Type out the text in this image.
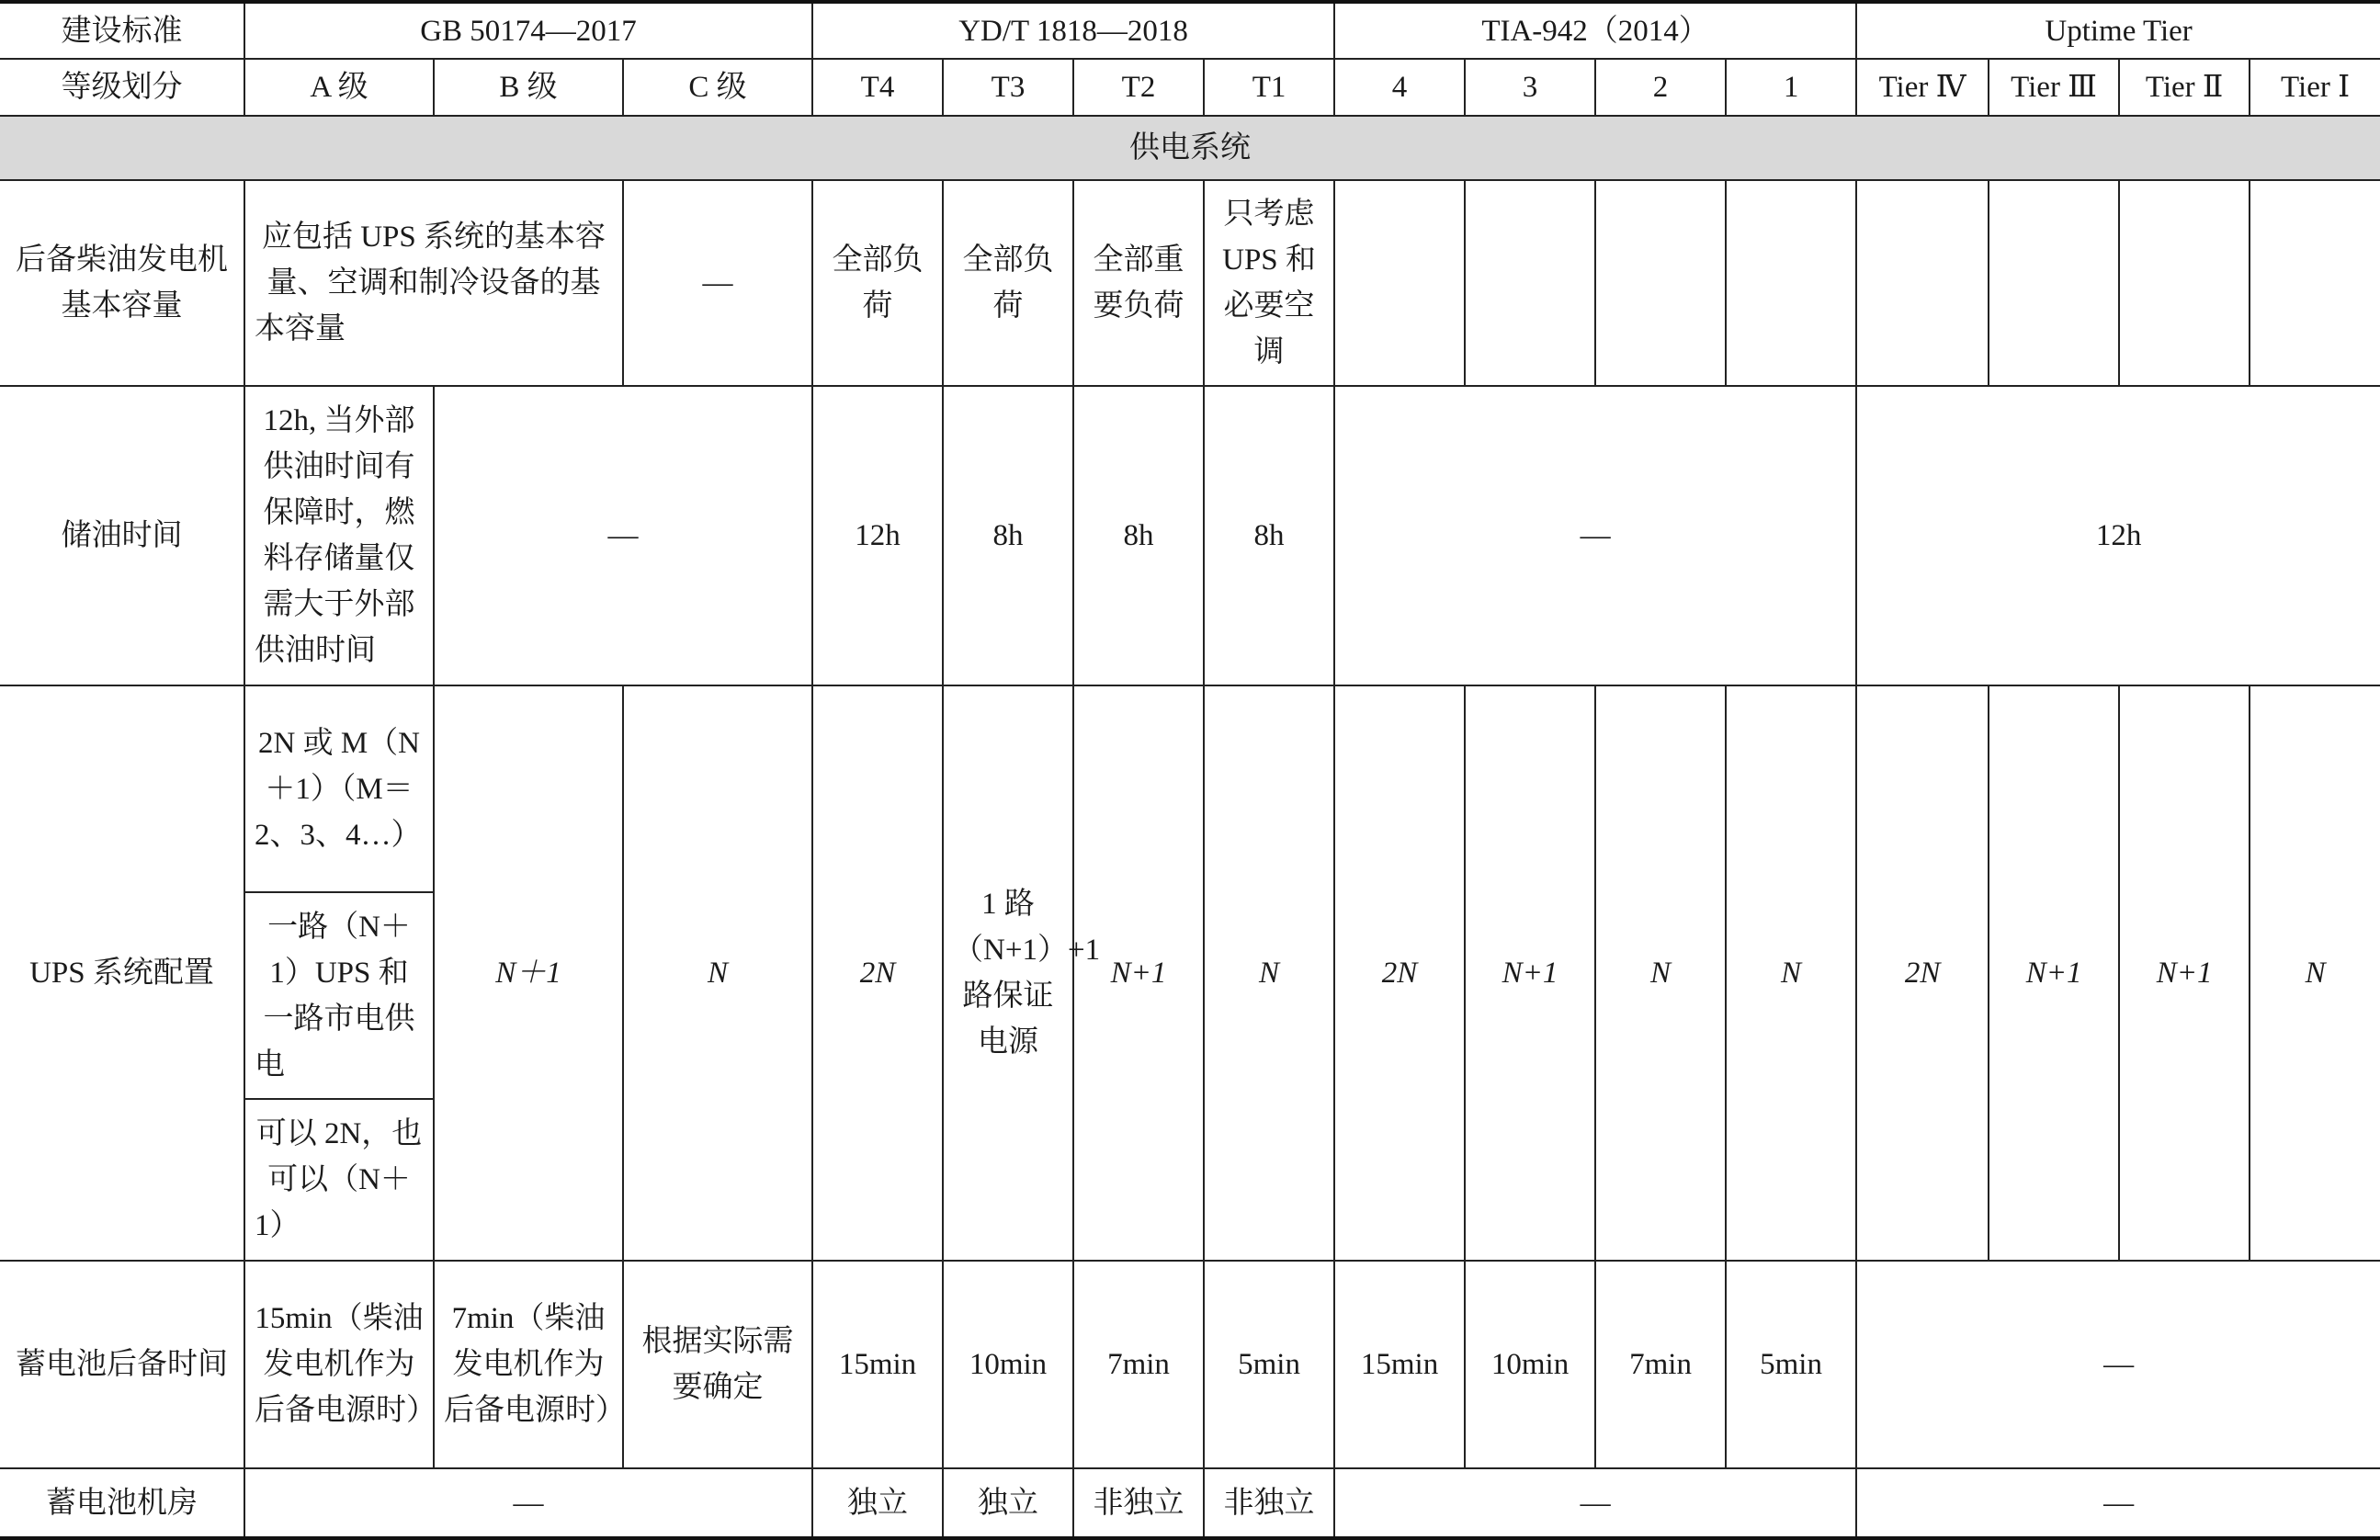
建设标准	GB 50174—2017			YD/T 1818—2018				TIA-942（2014）				Uptime Tier			
等级划分	A 级	B 级	C 级	T4	T3	T2	T1	4	3	2	1	Tier Ⅳ	Tier Ⅲ	Tier Ⅱ	Tier Ⅰ
供电系统															
后备柴油发电机基本容量	应包括 UPS 系统的基本容量、空调和制冷设备的基本容量		—	全部负荷	全部负荷	全部重要负荷	只考虑 UPS 和必要空调								
储油时间	12h, 当外部供油时间有保障时，燃料存储量仅需大于外部供油时间	—		12h	8h	8h	8h	—				12h			
UPS 系统配置	2N 或 M（N＋1）（M＝2、3、4…）	N＋1	N	2N	1 路（N+1）+1 路保证电源	N+1	N	2N	N+1	N	N	2N	N+1	N+1	N
	一路（N＋1）UPS 和一路市电供电														
	可以 2N，也可以（N＋1）														
蓄电池后备时间	15min（柴油发电机作为后备电源时）	7min（柴油发电机作为后备电源时）	根据实际需要确定	15min	10min	7min	5min	15min	10min	7min	5min	—			
蓄电池机房	—			独立	独立	非独立	非独立	—				—			
